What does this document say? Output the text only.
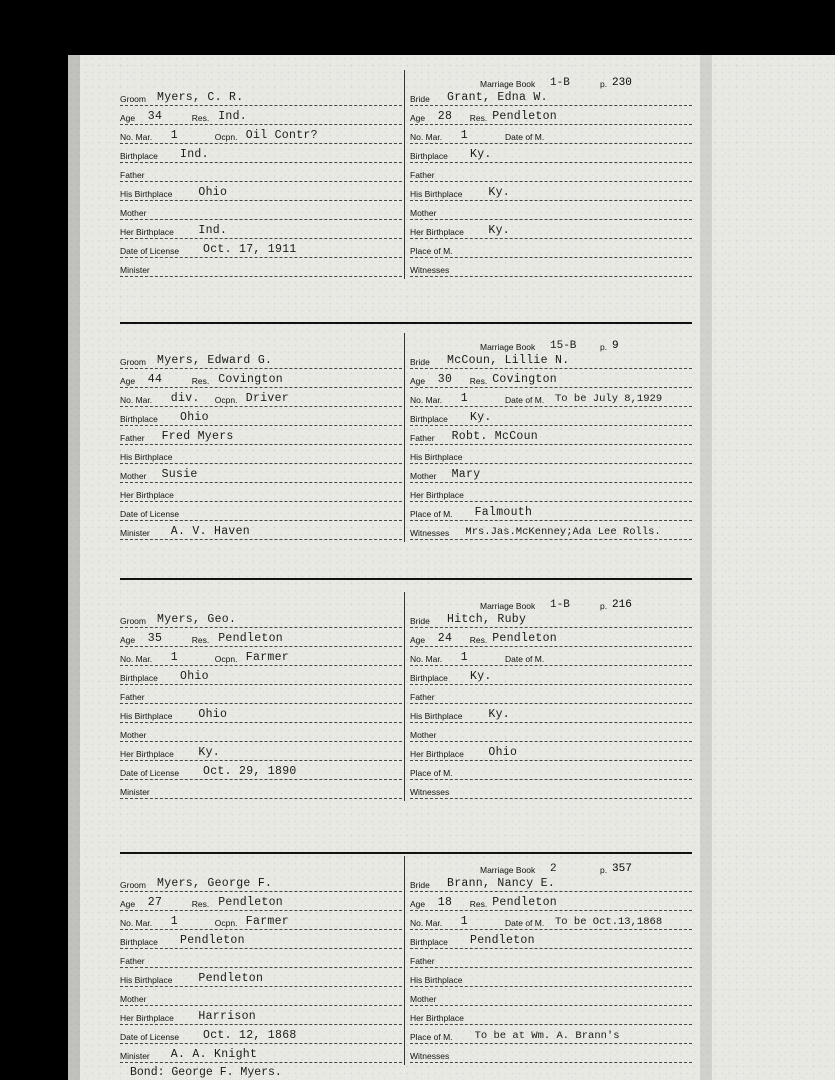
Groom Myers, C. R.
Age 34	Res. Ind.
No. Mar. 1	Ocpn. Oil Contr?
Birthplace Ind.
Father
His Birthplace Ohio
Mother
Her Birthplace Ind.
Date of License Oct. 17, 1911
Minister
Marriage Book 1-B	p. 230
Bride Grant, Edna W.
Age 28 Res. Pendleton
No. Mar. 1	Date of M.
Birthplace Ky.
Father
His Birthplace Ky.
Mother
Her Birthplace Ky.
Place of M.
Witnesses
Groom Myers, Edward G.
Age 44	Res. Covington
No. Mar. div. Ocpn. Driver
Birthplace Ohio
Father Fred Myers
His Birthplace
Mother Susie
Her Birthplace
Date of License
Minister A. V. Haven
Marriage Book 15-B	p. 9
Bride McCoun, Lillie N.
Age 30 Res. Covington
No. Mar. 1	Date of M. To be July 8,1929
Birthplace Ky.
Father Robt. McCoun
His Birthplace
Mother Mary
Her Birthplace
Place of M. Falmouth
Witnesses Mrs.Jas.McKenney;Ada Lee Rolls.
Groom Myers, Geo.
Age 35	Res. Pendleton
No. Mar. 1	Ocpn. Farmer
Birthplace Ohio
Father
His Birthplace Ohio
Mother
Her Birthplace Ky.
Date of License Oct. 29, 1890
Minister
Marriage Book 1-B	p. 216
Bride Hitch, Ruby
Age 24 Res. Pendleton
No. Mar. 1	Date of M.
Birthplace Ky.
Father
His Birthplace Ky.
Mother
Her Birthplace Ohio
Place of M.
Witnesses
Groom Myers, George F.
Age 27	Res. Pendleton
No. Mar. 1	Ocpn. Farmer
Birthplace Pendleton
Father
His Birthplace Pendleton
Mother
Her Birthplace Harrison
Date of License Oct. 12, 1868
Minister A. A. Knight
Marriage Book 2	p. 357
Bride Brann, Nancy E.
Age 18 Res. Pendleton
No. Mar. 1	Date of M. To be Oct.13,1868
Birthplace Pendleton
Father
His Birthplace
Mother
Her Birthplace
Place of M. To be at Wm. A. Brann's
Witnesses
Bond: George F. Myers.
